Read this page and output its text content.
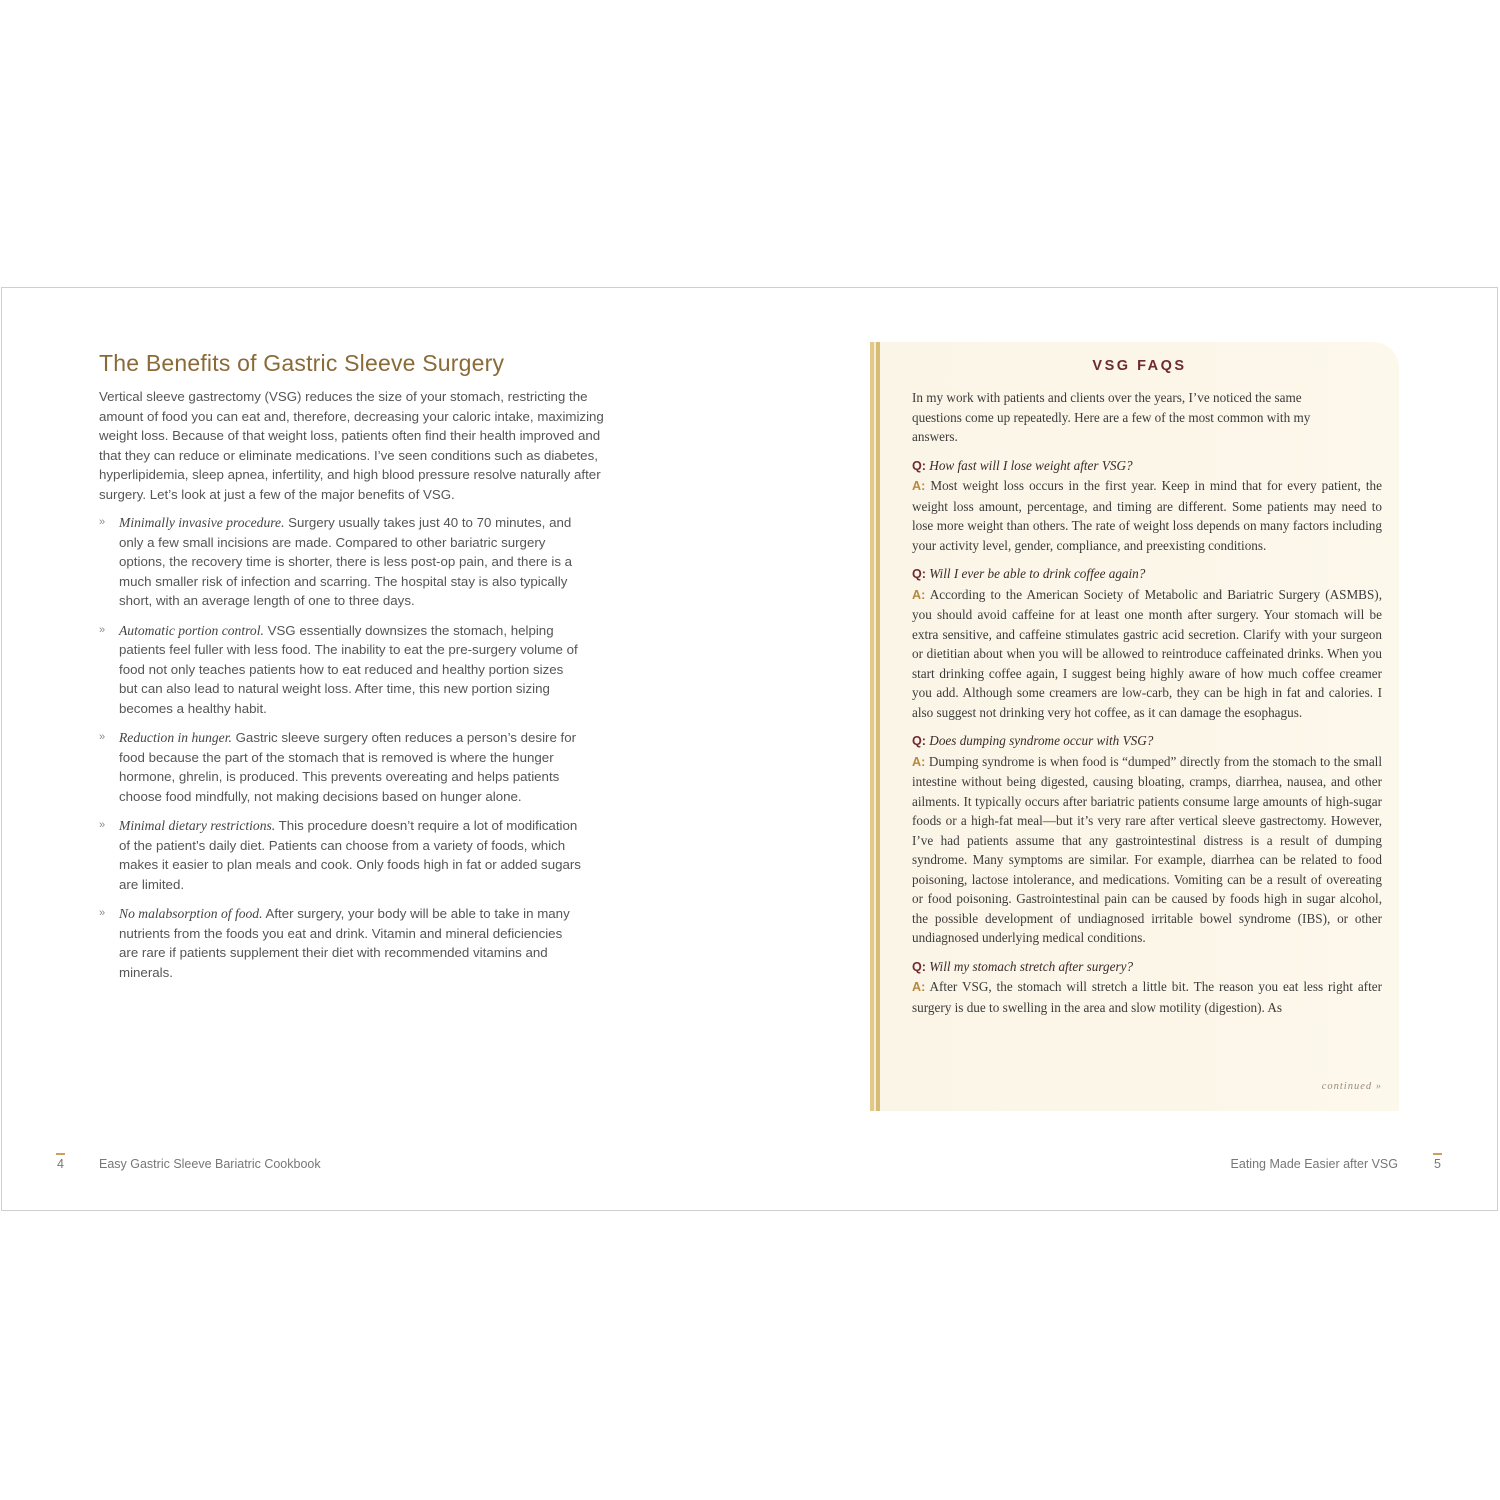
The Benefits of Gastric Sleeve Surgery

Vertical sleeve gastrectomy (VSG) reduces the size of your stomach, restricting the amount of food you can eat and, therefore, decreasing your caloric intake, maximizing weight loss. Because of that weight loss, patients often find their health improved and that they can reduce or eliminate medications. I’ve seen conditions such as diabetes, hyperlipidemia, sleep apnea, infertility, and high blood pressure resolve naturally after surgery. Let’s look at just a few of the major benefits of VSG.

» Minimally invasive procedure. Surgery usually takes just 40 to 70 minutes, and only a few small incisions are made. Compared to other bariatric surgery options, the recovery time is shorter, there is less post-op pain, and there is a much smaller risk of infection and scarring. The hospital stay is also typically short, with an average length of one to three days.
» Automatic portion control. VSG essentially downsizes the stomach, helping patients feel fuller with less food. The inability to eat the pre-surgery volume of food not only teaches patients how to eat reduced and healthy portion sizes but can also lead to natural weight loss. After time, this new portion sizing becomes a healthy habit.
» Reduction in hunger. Gastric sleeve surgery often reduces a person’s desire for food because the part of the stomach that is removed is where the hunger hormone, ghrelin, is produced. This prevents overeating and helps patients choose food mindfully, not making decisions based on hunger alone.
» Minimal dietary restrictions. This procedure doesn’t require a lot of modification of the patient’s daily diet. Patients can choose from a variety of foods, which makes it easier to plan meals and cook. Only foods high in fat or added sugars are limited.
» No malabsorption of food. After surgery, your body will be able to take in many nutrients from the foods you eat and drink. Vitamin and mineral deficiencies are rare if patients supplement their diet with recommended vitamins and minerals.
4	Easy Gastric Sleeve Bariatric Cookbook
VSG FAQS

In my work with patients and clients over the years, I’ve noticed the same questions come up repeatedly. Here are a few of the most common with my answers.

Q: How fast will I lose weight after VSG?

A: Most weight loss occurs in the first year. Keep in mind that for every patient, the weight loss amount, percentage, and timing are different. Some patients may need to lose more weight than others. The rate of weight loss depends on many factors including your activity level, gender, compliance, and preexisting conditions.

Q: Will I ever be able to drink coffee again?

A: According to the American Society of Metabolic and Bariatric Surgery (ASMBS), you should avoid caffeine for at least one month after surgery. Your stomach will be extra sensitive, and caffeine stimulates gastric acid secretion. Clarify with your surgeon or dietitian about when you will be allowed to reintroduce caffeinated drinks. When you start drinking coffee again, I suggest being highly aware of how much coffee creamer you add. Although some creamers are low-carb, they can be high in fat and calories. I also suggest not drinking very hot coffee, as it can damage the esophagus.

Q: Does dumping syndrome occur with VSG?

A: Dumping syndrome is when food is “dumped” directly from the stomach to the small intestine without being digested, causing bloating, cramps, diarrhea, nausea, and other ailments. It typically occurs after bariatric patients consume large amounts of high-sugar foods or a high-fat meal—but it’s very rare after vertical sleeve gastrectomy. However, I’ve had patients assume that any gastrointestinal distress is a result of dumping syndrome. Many symptoms are similar. For example, diarrhea can be related to food poisoning, lactose intolerance, and medications. Vomiting can be a result of overeating or food poisoning. Gastrointestinal pain can be caused by foods high in sugar alcohol, the possible development of undiagnosed irritable bowel syndrome (IBS), or other undiagnosed underlying medical conditions.

Q: Will my stomach stretch after surgery?

A: After VSG, the stomach will stretch a little bit. The reason you eat less right after surgery is due to swelling in the area and slow motility (digestion). As

continued »
Eating Made Easier after VSG	5
